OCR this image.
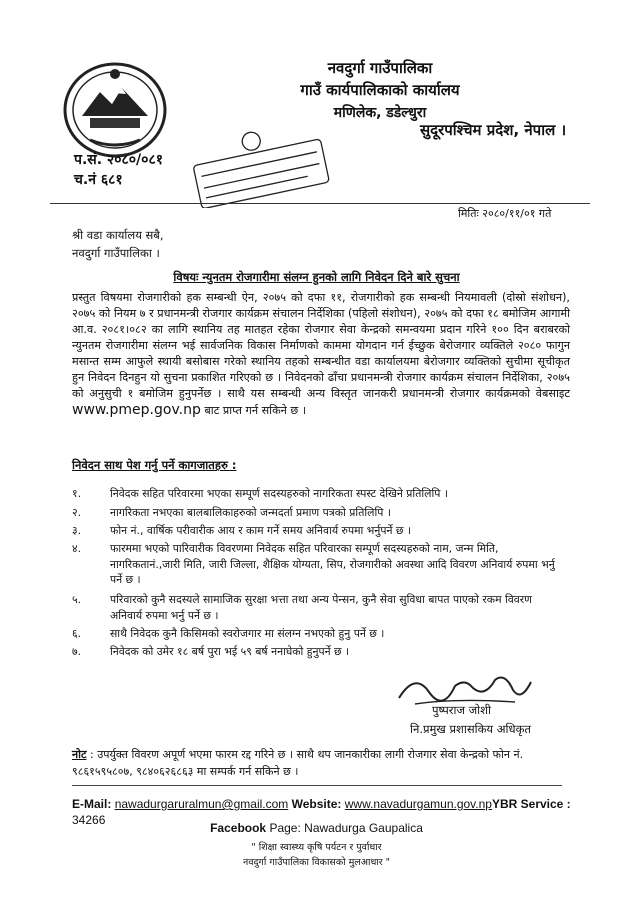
नवदुर्गा गाउँपालिका
गाउँ कार्यपालिकाको कार्यालय
मणिलेक, डडेल्धुरा
सुदूरपश्चिम प्रदेश, नेपाल ।
प.सं. २०८०/०८१
च.नं ६८१
मितिः २०८०/११/०१ गते
श्री वडा कार्यालय सबै,
नवदुर्गा गाउँपालिका ।
विषयः न्युनतम रोजगारीमा संलग्न हुनको लागि निवेदन दिने बारे सुचना
प्रस्तुत विषयमा रोजगारीको हक सम्बन्धी ऐन, २०७५ को दफा ११, रोजगारीको हक सम्बन्धी नियमावली (दोस्रो संशोधन), २०७५ को नियम ७ र प्रधानमन्त्री रोजगार कार्यक्रम संचालन निर्देशिका (पहिलो संशोधन), २०७५ को दफा १८ बमोजिम आगामी आ.व. २०८१।०८२ का लागि स्थानिय तह मातहत रहेका रोजगार सेवा केन्द्रको समन्वयमा प्रदान गरिने १०० दिन बराबरको न्युनतम रोजगारीमा संलग्न भई सार्वजनिक विकास निर्माणको काममा योगदान गर्न ईच्छुक बेरोजगार व्यक्तिले २०८० फागुन मसान्त सम्म आफुले स्थायी बसोबास गरेको स्थानिय तहको सम्बन्धीत वडा कार्यालयमा बेरोजगार व्यक्तिको सुचीमा सूचीकृत हुन निवेदन दिनहुन यो सुचना प्रकाशित गरिएको छ । निवेदनको ढाँचा प्रधानमन्त्री रोजगार कार्यक्रम संचालन निर्देशिका, २०७५ को अनुसुची १ बमोजिम हुनुपर्नेछ । साथै यस सम्बन्धी अन्य विस्तृत जानकरी प्रधानमन्त्री रोजगार कार्यक्रमको वेबसाइट www.pmep.gov.np बाट प्राप्त गर्न सकिने छ ।
निवेदन साथ पेश गर्नु पर्ने कागजातहरु :
१.	निवेदक सहित परिवारमा भएका सम्पूर्ण सदस्यहरुको नागरिकता स्पस्ट देखिने प्रतिलिपि ।
२.	नागरिकता नभएका बालबालिकाहरुको जन्मदर्ता प्रमाण पत्रको प्रतिलिपि ।
३.	फोन नं., वार्षिक परीवारीक आय र काम गर्ने समय अनिवार्य रुपमा भर्नुपर्ने छ ।
४.	फारममा भएको पारिवारीक विवरणमा निवेदक सहित परिवारका सम्पूर्ण सदस्यहरुको नाम, जन्म मिति, नागरिकतानं.,जारी मिति, जारी जिल्ला, शैक्षिक योग्यता, सिप, रोजगारीको अवस्था आदि विवरण अनिवार्य रुपमा भर्नु पर्ने छ ।
५.	परिवारको कुनै सदस्यले सामाजिक सुरक्षा भत्ता तथा अन्य पेन्सन, कुनै सेवा सुविधा बापत पाएको रकम विवरण अनिवार्य रुपमा भर्नु पर्ने छ ।
६.	साथै निवेदक कुनै किसिमको स्वरोजगार मा संलग्न नभएको हुनु पर्ने छ ।
७.	निवेदक को उमेर १८ बर्ष पुरा भई ५९ बर्ष ननाघेको हुनुपर्ने छ ।
पुष्पराज जोशी
नि.प्रमुख प्रशासकिय अधिकृत
नोट : उपर्युक्त विवरण अपूर्ण भएमा फारम रद्द गरिने छ । साथै थप जानकारीका लागी रोजगार सेवा केन्द्रको फोन नं. ९८६१५९५८०७, ९८४०६२६८६३ मा सम्पर्क गर्न सकिने छ ।
E-Mail: nawadurgaruralmun@gmail.com Website: www.navadurgamun.gov.npYBR Service :
34266
Facebook Page: Nawadurga Gaupalica
" शिक्षा स्वास्थ्य कृषि पर्यटन र पुर्वाधार
नवदुर्गा गाउँपालिका विकासको मुलआधार "
